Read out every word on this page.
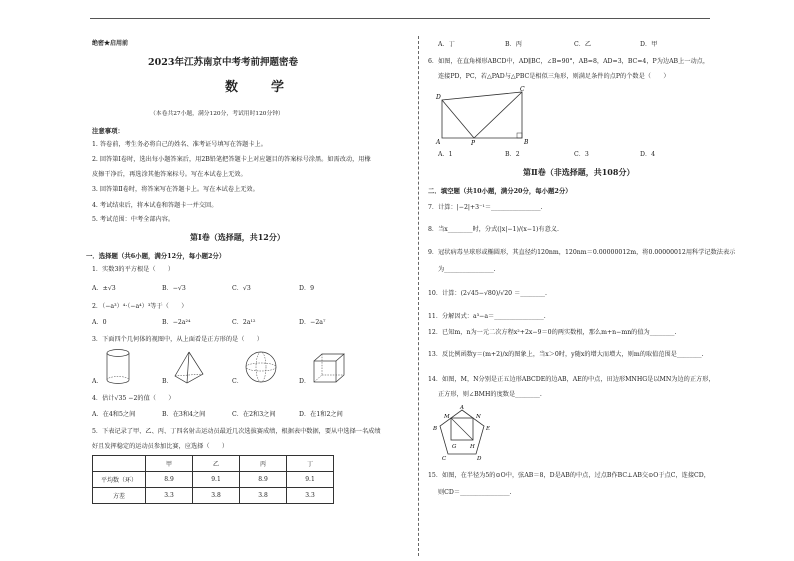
绝密★启用前
2023年江苏南京中考考前押题密卷
数　学
（本卷共27小题，满分120分，考试用时120分钟）
注意事项：
1. 答卷前，考生务必将自己的姓名、准考证号填写在答题卡上。
2. 回答第Ⅰ卷时，选出每小题答案后，用2B铅笔把答题卡上对应题目的答案标号涂黑。如需改动，用橡
皮擦干净后，再选涂其他答案标号。写在本试卷上无效。
3. 回答第Ⅱ卷时，将答案写在答题卡上。写在本试卷上无效。
4. 考试结束后，将本试卷和答题卡一并交回。
5. 考试范围：中考全部内容。
第Ⅰ卷（选择题，共12分）
一．选择题（共6小题，满分12分，每小题2分）
1．实数3的平方根是（　　）
A．±√3	B．−√3	C．√3	D．9
2．（−a³）⁴·（−a⁴）³等于（　　）
A．0	B．−2a²⁴	C．2a¹²	D．−2a⁷
3．下面四个几何体的视图中，从上面看是正方形的是（　　）
A．	B．	C．	D．
4．估计√35 −2的值（　　）
A．在4和5之间	B．在3和4之间	C．在2和3之间	D．在1和2之间
5．下表记录了甲、乙、丙、丁四名射击运动员最近几次选拔赛成绩，根据表中数据，要从中选择一名成绩
好且发挥稳定的运动员参加比赛，应选择（　　）
	甲	乙	丙	丁
平均数（环）	8.9	9.1	8.9	9.1
方差	3.3	3.8	3.8	3.3
A．丁	B．丙	C．乙	D．甲
6．如图，在直角梯形ABCD中，AD∥BC，∠B=90°，AB=8，AD=3，BC=4，P为边AB上一动点，
连接PD，PC，若△PAD与△PBC是相似三角形，则满足条件的点P的个数是（　　）
D
A	P	B
C
A．1	B．2	C．3	D．4
第Ⅱ卷（非选择题，共108分）
二．填空题（共10小题，满分20分，每小题2分）
7．计算：|−2|+3⁻¹＝________________.
8．当x________时，分式(|x|−1)/(x−1)有意义.
9．冠状病毒呈球形或椭圆形，其直径约120nm，120nm＝0.00000012m，将0.00000012用科学记数法表示
为________________.
10．计算：(2√45−√80)/√20 ＝________.
11．分解因式：a³−a＝________________.
12．已知m，n为一元二次方程x²+2x−9＝0的两实数根，那么m+n−mn的值为________.
13．反比例函数y＝(m+2)/x的图象上，当x＞0时，y随x的增大而增大，则m的取值范围是________.
14．如图，M，N分别是正五边形ABCDE的边AB，AE的中点，田边形MNHG是以MN为边的正方形，
正方形，则∠BMH的度数是________.
A
M	N
G H
B	E
C	D
15．如图，在半径为5的⊙O中，弦AB＝8，D是AB的中点，过点B作BC⊥AB交⊙O于点C，连接CD，
则CD＝________________.
